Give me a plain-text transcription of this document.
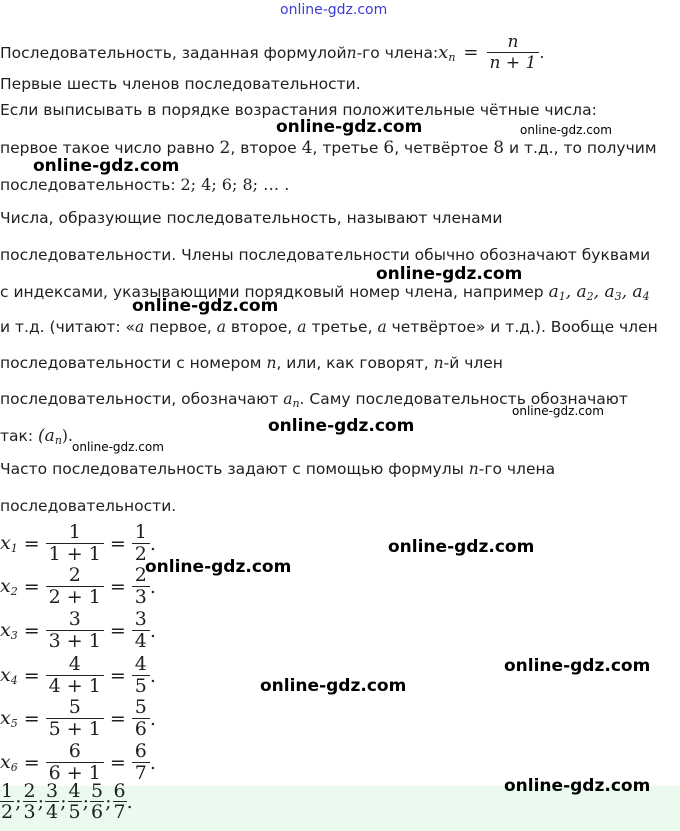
online-gdz.com
Последовательность, заданная формулой n -го члена: $x_n = \frac{n}{n + 1}$ .
Первые шесть членов последовательности.
Если выписывать в порядке возрастания положительные чётные числа:
online-gdz.com	online-gdz.com
первое такое число равно 2, второе 4, третье 6, четвёртое 8 и т.д., то получим
online-gdz.com
последовательность: 2; 4; 6; 8; … .
Числа, образующие последовательность, называют членами
последовательности. Члены последовательности обычно обозначают буквами
online-gdz.com
с индексами, указывающими порядковый номер члена, например $a_1$, $a_2$, $a_3$, $a_4$
online-gdz.com
и т.д. (читают: «a первое, a второе, a третье, a четвёртое» и т.д.). Вообще член
последовательности с номером n, или, как говорят, n-й член
последовательности, обозначают $a_n$. Саму последовательность обозначают
online-gdz.com
online-gdz.com
так: $(a_n)$.
online-gdz.com
Часто последовательность задают с помощью формулы n-го члена
последовательности.
$x_1 = \frac{1}{1 + 1} = \frac{1}{2}$ .	online-gdz.com
online-gdz.com
$x_2 = \frac{2}{2 + 1} = \frac{2}{3}$ .
$x_3 = \frac{3}{3 + 1} = \frac{3}{4}$ .
online-gdz.com
$x_4 = \frac{4}{4 + 1} = \frac{4}{5}$ .	online-gdz.com
$x_5 = \frac{5}{5 + 1} = \frac{5}{6}$ .
$x_6 = \frac{6}{6 + 1} = \frac{6}{7}$ .
$\frac{1}{2}$ ; $\frac{2}{3}$ ; $\frac{3}{4}$ ; $\frac{4}{5}$ ; $\frac{5}{6}$ ; $\frac{6}{7}$ .
online-gdz.com
